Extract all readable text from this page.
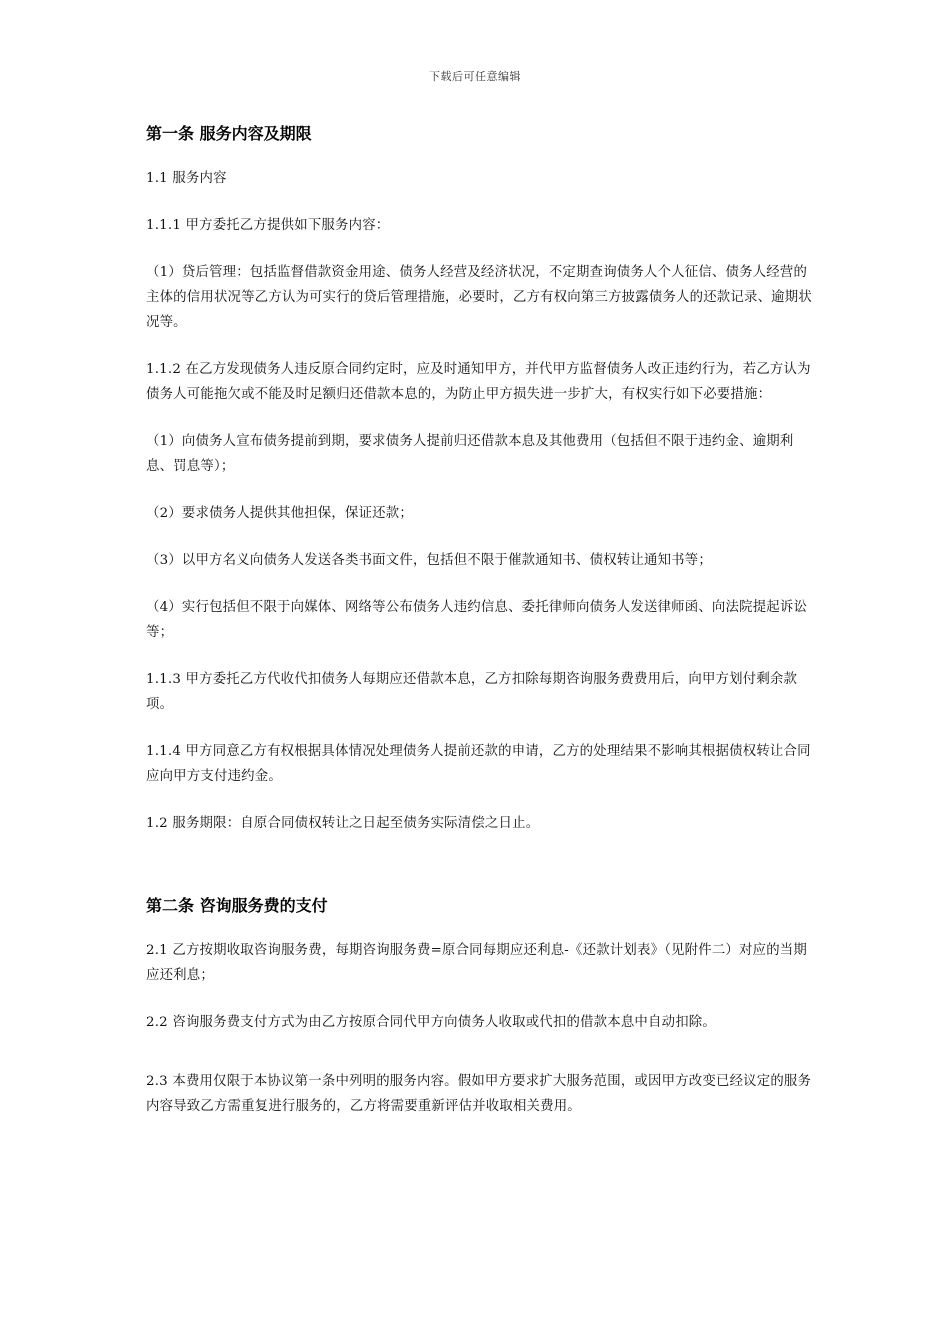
下载后可任意编辑
第一条 服务内容及期限

1.1 服务内容

1.1.1 甲方委托乙方提供如下服务内容：

（1）贷后管理：包括监督借款资金用途、债务人经营及经济状况，不定期查询债务人个人征信、债务人经营的主体的信用状况等乙方认为可实行的贷后管理措施，必要时，乙方有权向第三方披露债务人的还款记录、逾期状况等。

1.1.2 在乙方发现债务人违反原合同约定时，应及时通知甲方，并代甲方监督债务人改正违约行为，若乙方认为债务人可能拖欠或不能及时足额归还借款本息的，为防止甲方损失进一步扩大，有权实行如下必要措施：

（1）向债务人宣布债务提前到期，要求债务人提前归还借款本息及其他费用（包括但不限于违约金、逾期利息、罚息等）；

（2）要求债务人提供其他担保，保证还款；

（3）以甲方名义向债务人发送各类书面文件，包括但不限于催款通知书、债权转让通知书等；

（4）实行包括但不限于向媒体、网络等公布债务人违约信息、委托律师向债务人发送律师函、向法院提起诉讼等；

1.1.3 甲方委托乙方代收代扣债务人每期应还借款本息，乙方扣除每期咨询服务费费用后，向甲方划付剩余款项。

1.1.4 甲方同意乙方有权根据具体情况处理债务人提前还款的申请，乙方的处理结果不影响其根据债权转让合同应向甲方支付违约金。

1.2 服务期限：自原合同债权转让之日起至债务实际清偿之日止。

第二条 咨询服务费的支付

2.1 乙方按期收取咨询服务费，每期咨询服务费=原合同每期应还利息-《还款计划表》（见附件二）对应的当期应还利息；

2.2 咨询服务费支付方式为由乙方按原合同代甲方向债务人收取或代扣的借款本息中自动扣除。

2.3 本费用仅限于本协议第一条中列明的服务内容。假如甲方要求扩大服务范围，或因甲方改变已经议定的服务内容导致乙方需重复进行服务的，乙方将需要重新评估并收取相关费用。
